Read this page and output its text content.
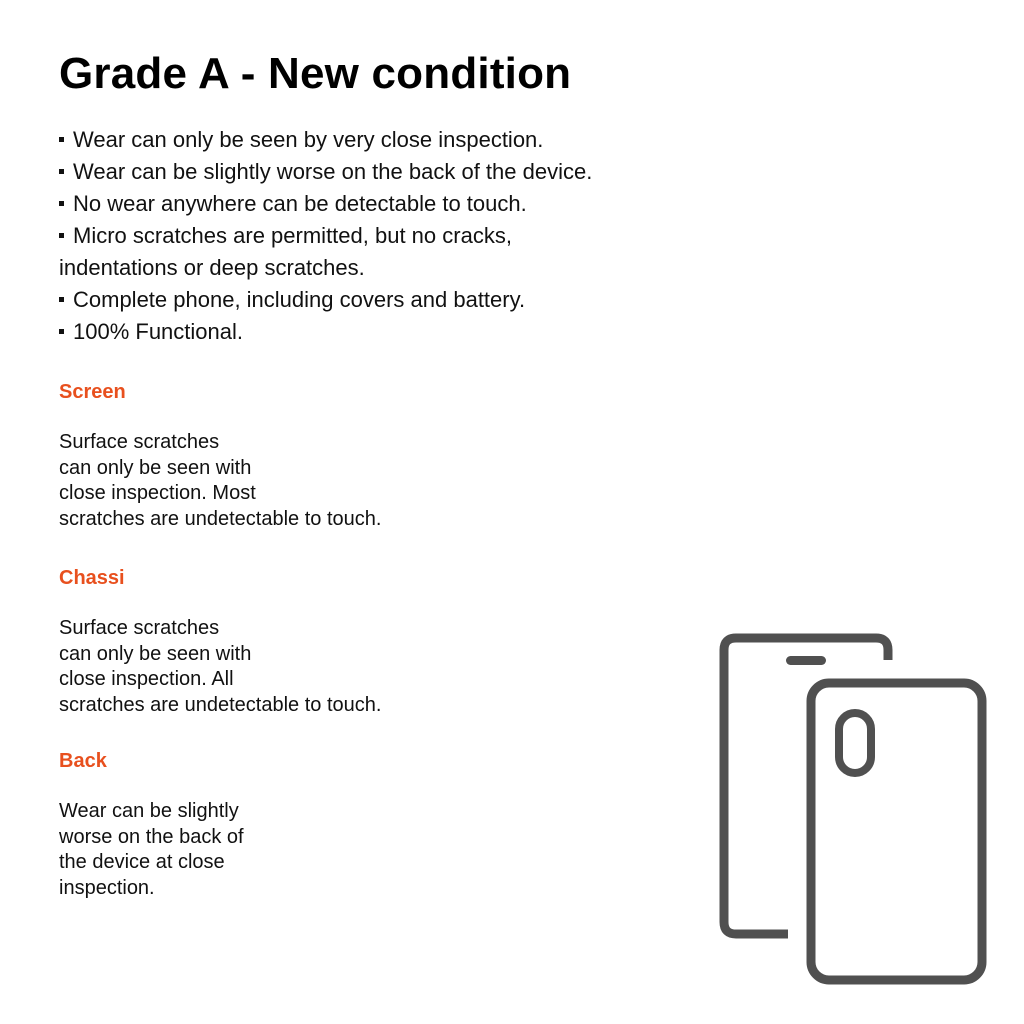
Grade A - New condition
Wear can only be seen by very close inspection.
Wear can be slightly worse on the back of the device.
No wear anywhere can be detectable to touch.
Micro scratches are permitted, but no cracks,
indentations or deep scratches.
Complete phone, including covers and battery.
100% Functional.
Screen

Surface scratches
can only be seen with
close inspection. Most
scratches are undetectable to touch.

Chassi

Surface scratches
can only be seen with
close inspection. All
scratches are undetectable to touch.

Back

Wear can be slightly
worse on the back of
the device at close
inspection.
